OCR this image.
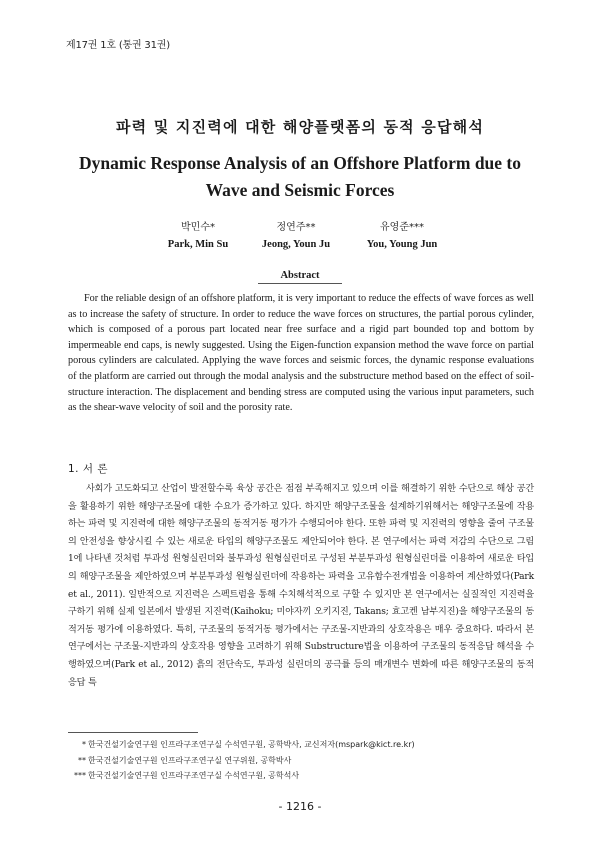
제17권 1호 (통권 31권)
파력 및 지진력에 대한 해양플랫폼의 동적 응답해석
Dynamic Response Analysis of an Offshore Platform due to Wave and Seismic Forces
박민수*
Park, Min Su
정연주**
Jeong, Youn Ju
유영준***
You, Young Jun
Abstract
For the reliable design of an offshore platform, it is very important to reduce the effects of wave forces as well as to increase the safety of structure. In order to reduce the wave forces on structures, the partial porous cylinder, which is composed of a porous part located near free surface and a rigid part bounded top and bottom by impermeable end caps, is newly suggested. Using the Eigen-function expansion method the wave force on partial porous cylinders are calculated. Applying the wave forces and seismic forces, the dynamic response evaluations of the platform are carried out through the modal analysis and the substructure method based on the effect of soil-structure interaction. The displacement and bending stress are computed using the various input parameters, such as the shear-wave velocity of soil and the porosity rate.
1. 서 론
사회가 고도화되고 산업이 발전할수록 육상 공간은 점점 부족해지고 있으며 이를 해결하기 위한 수단으로 해상 공간을 활용하기 위한 해양구조물에 대한 수요가 증가하고 있다. 하지만 해양구조물을 설계하기위해서는 해양구조물에 작용하는 파력 및 지진력에 대한 해양구조물의 동적거동 평가가 수행되어야 한다. 또한 파력 및 지진력의 영향을 줄여 구조물의 안전성을 향상시킬 수 있는 새로운 타입의 해양구조물도 제안되어야 한다. 본 연구에서는 파력 저감의 수단으로 그림 1에 나타낸 것처럼 투과성 원형실린더와 불투과성 원형실린더로 구성된 부분투과성 원형실린더를 이용하여 새로운 타입의 해양구조물을 제안하였으며 부분투과성 원형실린더에 작용하는 파력을 고유함수전개법을 이용하여 계산하였다(Park et al., 2011). 일반적으로 지진력은 스펙트럼을 통해 수치해석적으로 구할 수 있지만 본 연구에서는 실질적인 지진력을 구하기 위해 실제 일본에서 발생된 지진력(Kaihoku; 미야자끼 오키지진, Takans; 효고켄 남부지진)을 해양구조물의 동적거동 평가에 이용하였다. 특히, 구조물의 동적거동 평가에서는 구조물-지반과의 상호작용은 매우 중요하다. 따라서 본 연구에서는 구조물-지반과의 상호작용 영향을 고려하기 위해 Substructure법을 이용하여 구조물의 동적응답 해석을 수행하였으며(Park et al., 2012) 흙의 전단속도, 투과성 실린더의 공극률 등의 매개변수 변화에 따른 해양구조물의 동적응답 특
* 한국건설기술연구원 인프라구조연구실 수석연구원, 공학박사, 교신저자(mspark@kict.re.kr)
** 한국건설기술연구원 인프라구조연구실 연구위원, 공학박사
*** 한국건설기술연구원 인프라구조연구실 수석연구원, 공학석사
- 1216 -
